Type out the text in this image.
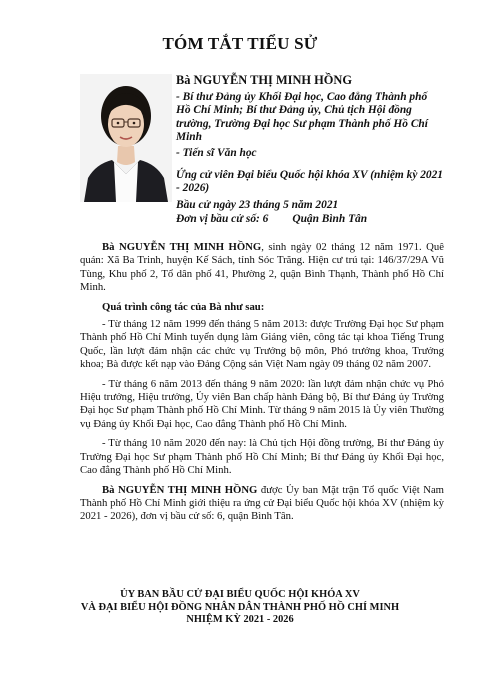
TÓM TẮT TIỂU SỬ
Bà NGUYỄN THỊ MINH HỒNG
- Bí thư Đảng ủy Khối Đại học, Cao đẳng Thành phố Hồ Chí Minh; Bí thư Đảng ủy, Chủ tịch Hội đồng trường, Trường Đại học Sư phạm Thành phố Hồ Chí Minh
- Tiến sĩ Văn học
Ứng cử viên Đại biểu Quốc hội khóa XV (nhiệm kỳ 2021 - 2026)
Bầu cử ngày 23 tháng 5 năm 2021
Đơn vị bầu cử số: 6 Quận Bình Tân

Bà NGUYỄN THỊ MINH HỒNG, sinh ngày 02 tháng 12 năm 1971. Quê quán: Xã Ba Trinh, huyện Kế Sách, tỉnh Sóc Trăng. Hiện cư trú tại: 146/37/29A Vũ Tùng, Khu phố 2, Tổ dân phố 41, Phường 2, quận Bình Thạnh, Thành phố Hồ Chí Minh.

Quá trình công tác của Bà như sau:

- Từ tháng 12 năm 1999 đến tháng 5 năm 2013: được Trường Đại học Sư phạm Thành phố Hồ Chí Minh tuyển dụng làm Giảng viên, công tác tại khoa Tiếng Trung Quốc, lần lượt đảm nhận các chức vụ Trưởng bộ môn, Phó trưởng khoa, Trưởng khoa; Bà được kết nạp vào Đảng Cộng sản Việt Nam ngày 09 tháng 02 năm 2007.

- Từ tháng 6 năm 2013 đến tháng 9 năm 2020: lần lượt đảm nhận chức vụ Phó Hiệu trưởng, Hiệu trưởng, Ủy viên Ban chấp hành Đảng bộ, Bí thư Đảng ủy Trường Đại học Sư phạm Thành phố Hồ Chí Minh. Từ tháng 9 năm 2015 là Ủy viên Thường vụ Đảng ủy Khối Đại học, Cao đẳng Thành phố Hồ Chí Minh.

- Từ tháng 10 năm 2020 đến nay: là Chủ tịch Hội đồng trường, Bí thư Đảng ủy Trường Đại học Sư phạm Thành phố Hồ Chí Minh; Bí thư Đảng ủy Khối Đại học, Cao đẳng Thành phố Hồ Chí Minh.

Bà NGUYỄN THỊ MINH HỒNG được Ủy ban Mặt trận Tổ quốc Việt Nam Thành phố Hồ Chí Minh giới thiệu ra ứng cử Đại biểu Quốc hội khóa XV (nhiệm kỳ 2021 - 2026), đơn vị bầu cử số: 6, quận Bình Tân.

ỦY BAN BẦU CỬ ĐẠI BIỂU QUỐC HỘI KHÓA XV
VÀ ĐẠI BIỂU HỘI ĐỒNG NHÂN DÂN THÀNH PHỐ HỒ CHÍ MINH
NHIỆM KỲ 2021 - 2026
